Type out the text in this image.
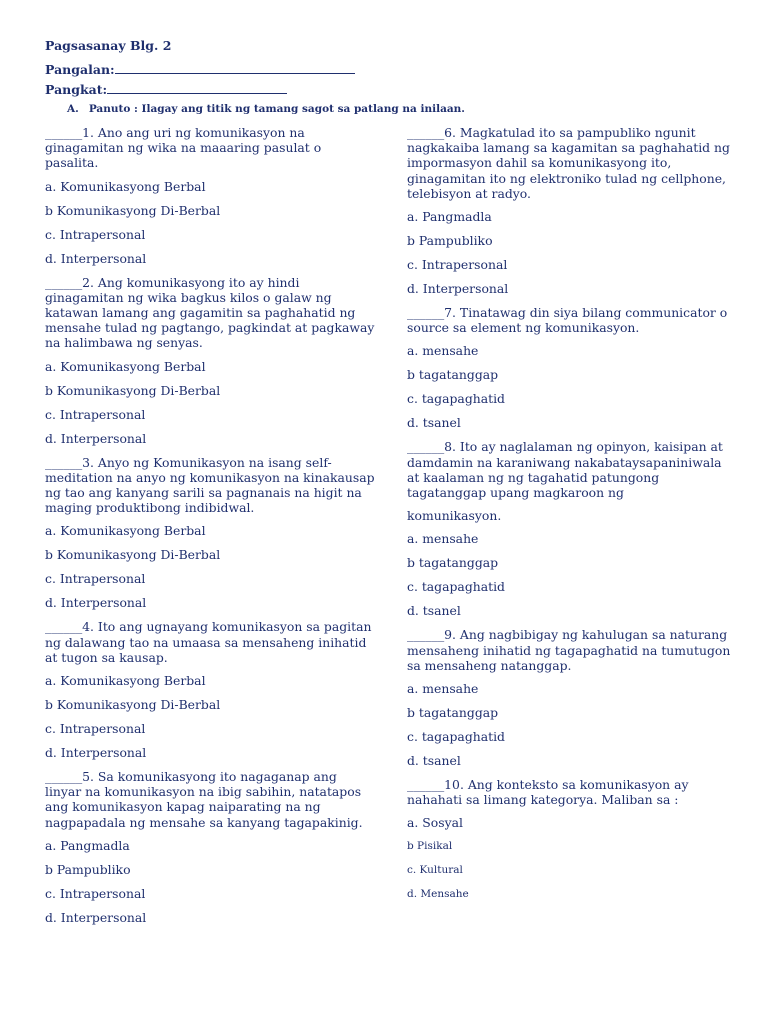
Pagsasanay Blg. 2
Pangalan:
Pangkat:
A. Panuto : Ilagay ang titik ng tamang sagot sa patlang na inilaan.
______1. Ano ang uri ng komunikasyon na ginagamitan ng wika na maaaring pasulat o pasalita.
a. Komunikasyong Berbal
b Komunikasyong Di-Berbal
c. Intrapersonal
d. Interpersonal
______2. Ang komunikasyong ito ay hindi ginagamitan ng wika bagkus kilos o galaw ng katawan lamang ang gagamitin sa paghahatid ng mensahe tulad ng pagtango, pagkindat at pagkaway na halimbawa ng senyas.
a. Komunikasyong Berbal
b Komunikasyong Di-Berbal
c. Intrapersonal
d. Interpersonal
______3. Anyo ng Komunikasyon na isang self-meditation na anyo ng komunikasyon na kinakausap ng tao ang kanyang sarili sa pagnanais na higit na maging produktibong indibidwal.
a. Komunikasyong Berbal
b Komunikasyong Di-Berbal
c. Intrapersonal
d. Interpersonal
______4. Ito ang ugnayang komunikasyon sa pagitan ng dalawang tao na umaasa sa mensaheng inihatid at tugon sa kausap.
a. Komunikasyong Berbal
b Komunikasyong Di-Berbal
c. Intrapersonal
d. Interpersonal
______5. Sa komunikasyong ito nagaganap ang linyar na komunikasyon na ibig sabihin, natatapos ang komunikasyon kapag naiparating na ng nagpapadala ng mensahe sa kanyang tagapakinig.
a. Pangmadla
b Pampubliko
c. Intrapersonal
d. Interpersonal
______6. Magkatulad ito sa pampubliko ngunit nagkakaiba lamang sa kagamitan sa paghahatid ng impormasyon dahil sa komunikasyong ito, ginagamitan ito ng elektroniko tulad ng cellphone, telebisyon at radyo.
a. Pangmadla
b Pampubliko
c. Intrapersonal
d. Interpersonal
______7. Tinatawag din siya bilang communicator o source sa element ng komunikasyon.
a. mensahe
b tagatanggap
c. tagapaghatid
d. tsanel
______8. Ito ay naglalaman ng opinyon, kaisipan at damdamin na karaniwang nakabataysapaniniwala at kaalaman ng ng tagahatid patungong tagatanggap upang magkaroon ng
komunikasyon.
a. mensahe
b tagatanggap
c. tagapaghatid
d. tsanel
______9. Ang nagbibigay ng kahulugan sa naturang mensaheng inihatid ng tagapaghatid na tumutugon sa mensaheng natanggap.
a. mensahe
b tagatanggap
c. tagapaghatid
d. tsanel
______10. Ang konteksto sa komunikasyon ay nahahati sa limang kategorya. Maliban sa :
a. Sosyal
b Pisikal
c. Kultural
d. Mensahe
